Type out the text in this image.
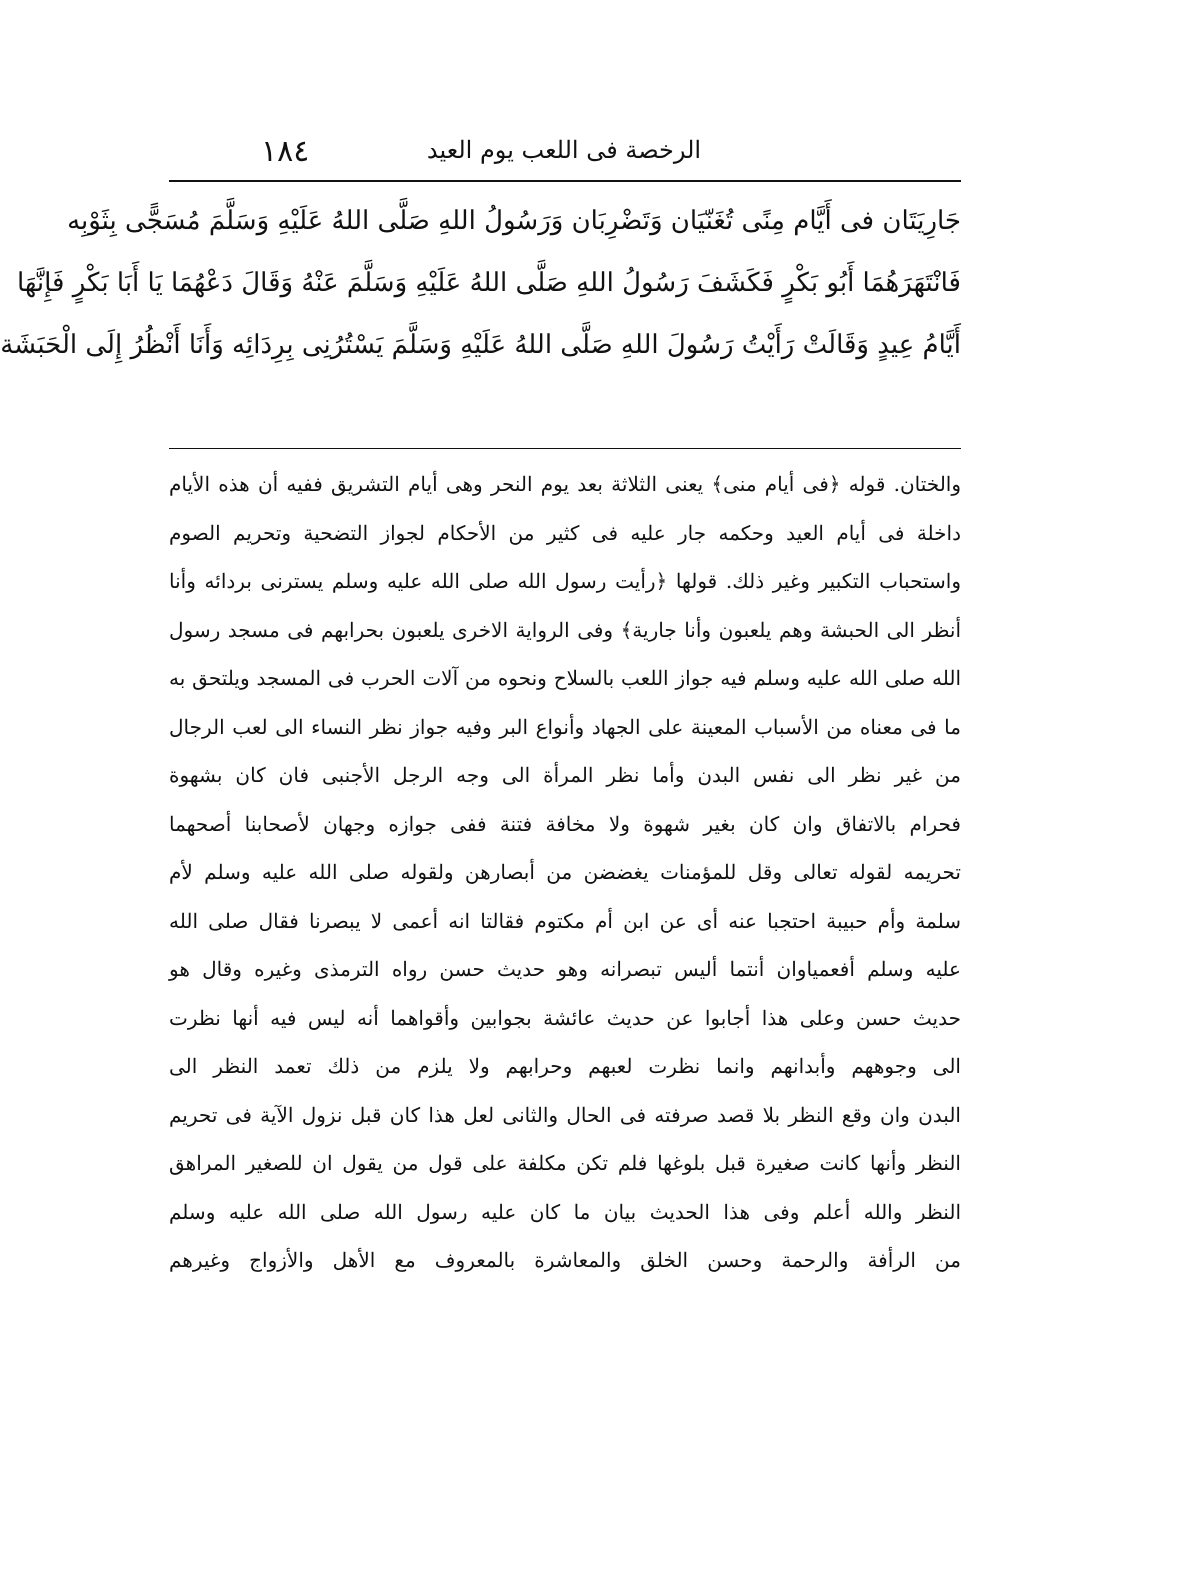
١٨٤	الرخصة فى اللعب يوم العيد
جَارِيَتَان فى أَيَّام مِنًى تُغَنّيَان وَتَضْرِبَان وَرَسُولُ اللهِ صَلَّى اللهُ عَلَيْهِ وَسَلَّمَ مُسَجًّى بِثَوْبِه
فَانْتَهَرَهُمَا أَبُو بَكْرٍ فَكَشَفَ رَسُولُ اللهِ صَلَّى اللهُ عَلَيْهِ وَسَلَّمَ عَنْهُ وَقَالَ دَعْهُمَا يَا أَبَا بَكْرٍ فَإِنَّهَا
أَيَّامُ عِيدٍ وَقَالَتْ رَأَيْتُ رَسُولَ اللهِ صَلَّى اللهُ عَلَيْهِ وَسَلَّمَ يَسْتُرُنِى بِرِدَائِه وَأَنَا أَنْظُرُ إِلَى الْحَبَشَة
والختان. قوله ﴿فى أيام منى﴾ يعنى الثلاثة بعد يوم النحر وهى أيام التشريق ففيه أن هذه الأيام
داخلة فى أيام العيد وحكمه جار عليه فى كثير من الأحكام لجواز التضحية وتحريم الصوم
واستحباب التكبير وغير ذلك. قولها ﴿رأيت رسول الله صلى الله عليه وسلم يسترنى بردائه وأنا
أنظر الى الحبشة وهم يلعبون وأنا جارية﴾ وفى الرواية الاخرى يلعبون بحرابهم فى مسجد رسول
الله صلى الله عليه وسلم فيه جواز اللعب بالسلاح ونحوه من آلات الحرب فى المسجد ويلتحق به
ما فى معناه من الأسباب المعينة على الجهاد وأنواع البر وفيه جواز نظر النساء الى لعب الرجال
من غير نظر الى نفس البدن وأما نظر المرأة الى وجه الرجل الأجنبى فان كان بشهوة
فحرام بالاتفاق وان كان بغير شهوة ولا مخافة فتنة ففى جوازه وجهان لأصحابنا أصحهما
تحريمه لقوله تعالى وقل للمؤمنات يغضضن من أبصارهن ولقوله صلى الله عليه وسلم لأم
سلمة وأم حبيبة احتجبا عنه أى عن ابن أم مكتوم فقالتا انه أعمى لا يبصرنا فقال صلى الله
عليه وسلم أفعمياوان أنتما أليس تبصرانه وهو حديث حسن رواه الترمذى وغيره وقال هو
حديث حسن وعلى هذا أجابوا عن حديث عائشة بجوابين وأقواهما أنه ليس فيه أنها نظرت
الى وجوههم وأبدانهم وانما نظرت لعبهم وحرابهم ولا يلزم من ذلك تعمد النظر الى
البدن وان وقع النظر بلا قصد صرفته فى الحال والثانى لعل هذا كان قبل نزول الآية فى تحريم
النظر وأنها كانت صغيرة قبل بلوغها فلم تكن مكلفة على قول من يقول ان للصغير المراهق
النظر والله أعلم وفى هذا الحديث بيان ما كان عليه رسول الله صلى الله عليه وسلم
من الرأفة والرحمة وحسن الخلق والمعاشرة بالمعروف مع الأهل والأزواج وغيرهم
